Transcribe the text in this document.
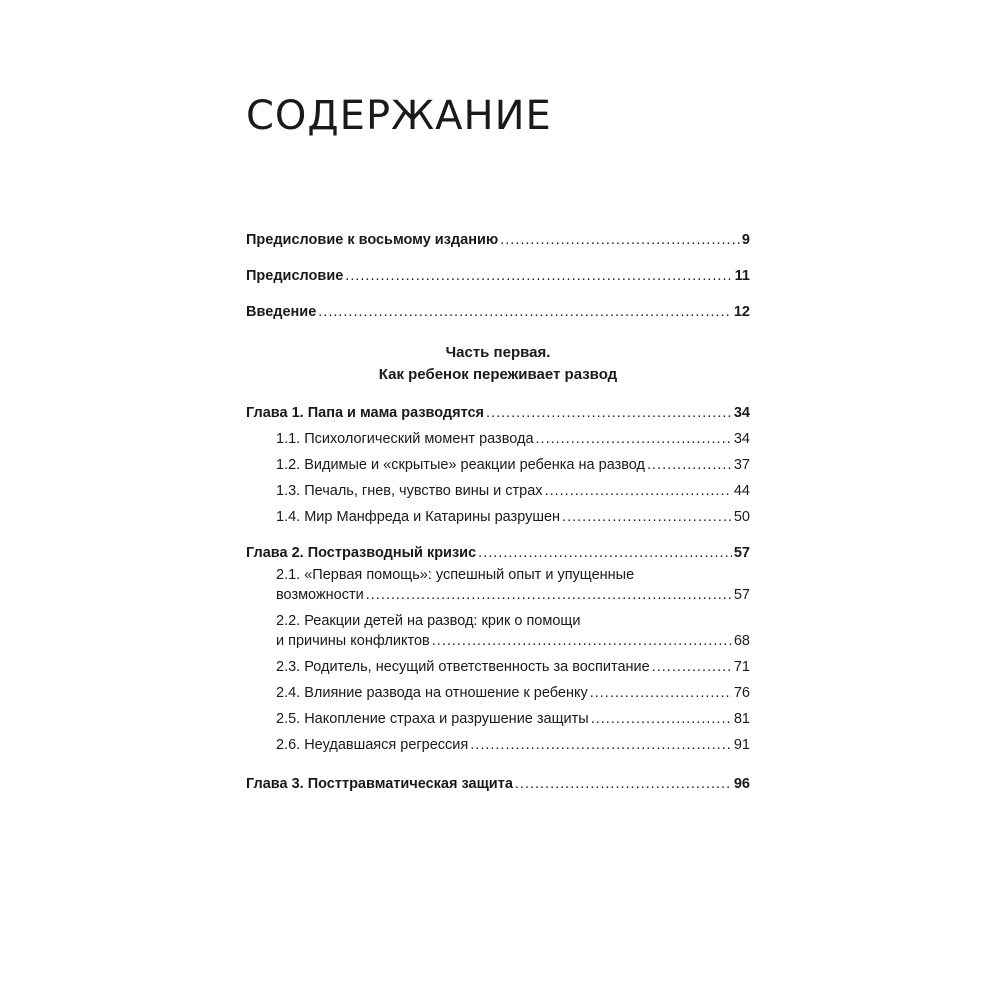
СОДЕРЖАНИЕ
Предисловие к восьмому изданию .....	9
Предисловие .....	11
Введение .....	12
Часть первая.
Как ребенок переживает развод
Глава 1. Папа и мама разводятся .....	34
1.1. Психологический момент развода .....	34
1.2. Видимые и «скрытые» реакции ребенка на развод .....	37
1.3. Печаль, гнев, чувство вины и страх .....	44
1.4. Мир Манфреда и Катарины разрушен .....	50
Глава 2. Постразводный кризис .....	57
2.1. «Первая помощь»: успешный опыт и упущенные
возможности .....	57
2.2. Реакции детей на развод: крик о помощи
и причины конфликтов .....	68
2.3. Родитель, несущий ответственность за воспитание .....	71
2.4. Влияние развода на отношение к ребенку .....	76
2.5. Накопление страха и разрушение защиты .....	81
2.6. Неудавшаяся регрессия .....	91
Глава 3. Посттравматическая защита .....	96
